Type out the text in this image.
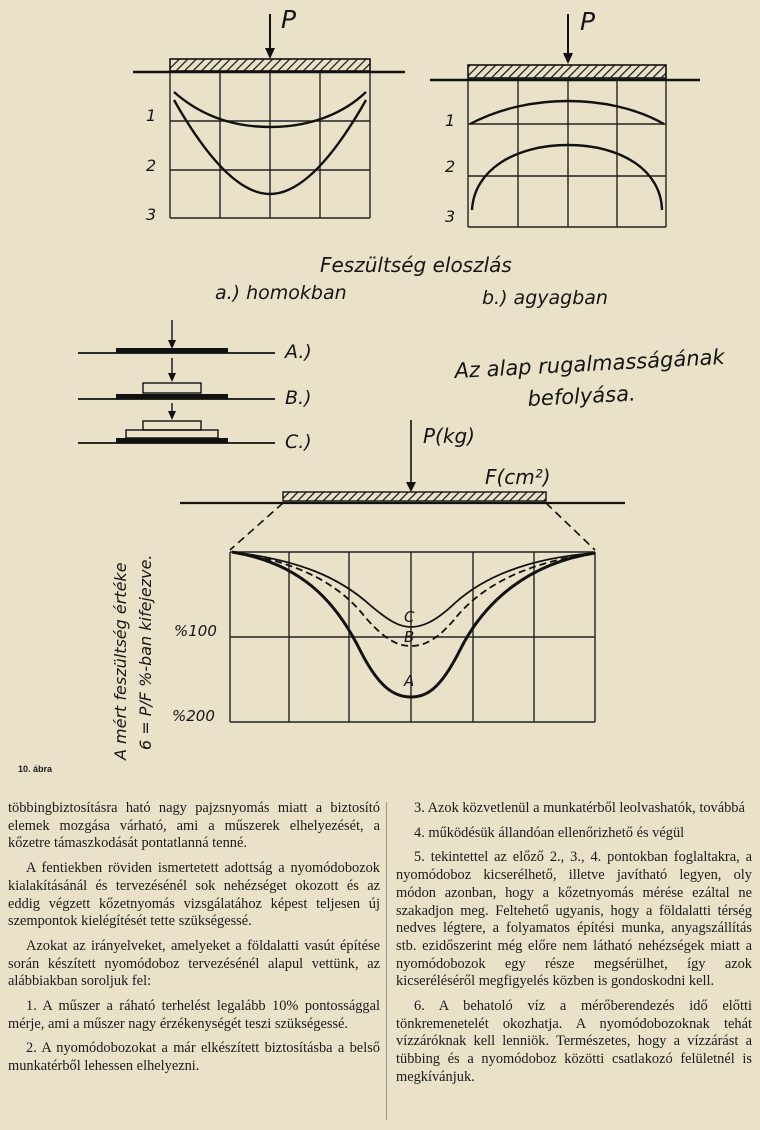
P
1
2
3
P
1
2
3
Feszültség eloszlás
a.) homokban	b.) agyagban
A.)
B.)
C.)
Az alap rugalmasságának
befolyása.
P(kg)
F(cm²)
C
B
A
%100
%200
A mért feszültség értéke 6 = P/F %-ban kifejezve.
10. ábra

többingbiztosításra ható nagy pajzsnyomás miatt a biztosító elemek mozgása várható, ami a műszerek elhelyezését, a kőzetre támaszkodását pontatlanná tenné.

A fentiekben röviden ismertetett adottság a nyomódobozok kialakításánál és tervezésénél sok nehézséget okozott és az eddig végzett kőzetnyomás vizsgálatához képest teljesen új szempontok kielégítését tette szükségessé.

Azokat az irányelveket, amelyeket a földalatti vasút építése során készített nyomódoboz tervezésénél alapul vettünk, az alábbiakban soroljuk fel:

1. A műszer a ráható terhelést legalább 10% pontossággal mérje, ami a műszer nagy érzékenységét teszi szükségessé.

2. A nyomódobozokat a már elkészített biztosításba a belső munkatérből lehessen elhelyezni.

3. Azok közvetlenül a munkatérből leolvashatók, továbbá

4. működésük állandóan ellenőrizhető és végül

5. tekintettel az előző 2., 3., 4. pontokban foglaltakra, a nyomódoboz kicserélhető, illetve javítható legyen, oly módon azonban, hogy a kőzetnyomás mérése ezáltal ne szakadjon meg. Feltehető ugyanis, hogy a földalatti térség nedves légtere, a folyamatos építési munka, anyagszállítás stb. ezidőszerint még előre nem látható nehézségek miatt a nyomódobozok egy része megsérülhet, így azok kicseréléséről megfigyelés közben is gondoskodni kell.

6. A behatoló víz a mérőberendezés idő előtti tönkremenetelét okozhatja. A nyomódobozoknak tehát vízzáróknak kell lenniök. Természetes, hogy a vízzárást a tübbing és a nyomódoboz közötti csatlakozó felületnél is megkívánjuk.
